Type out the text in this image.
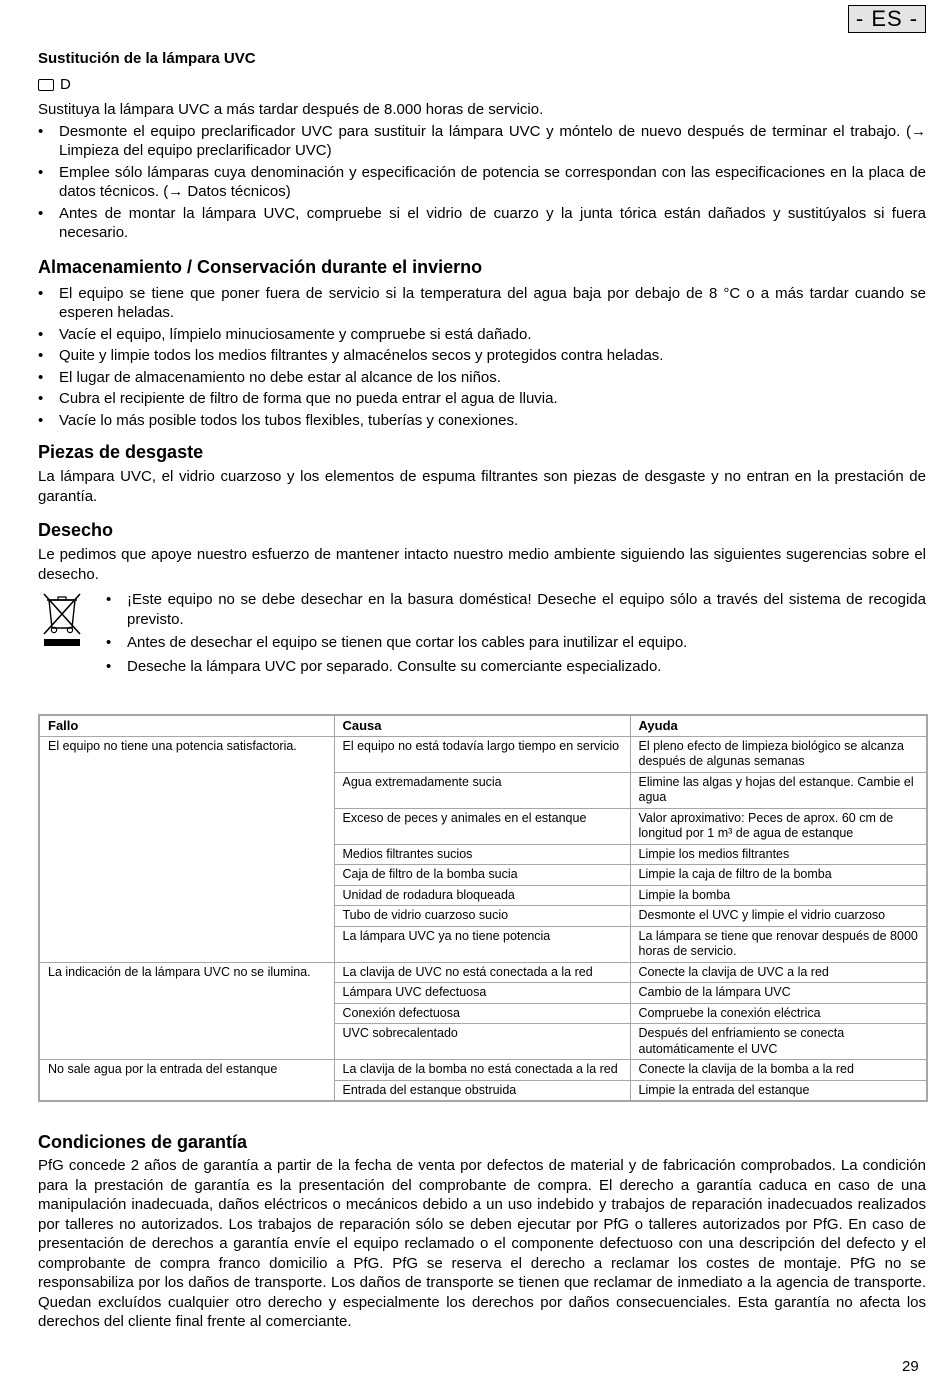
- ES -
Sustitución de la lámpara UVC
D

Sustituya la lámpara UVC a más tardar después de 8.000 horas de servicio.

• Desmonte el equipo preclarificador UVC para sustituir la lámpara UVC y móntelo de nuevo después de terminar el trabajo. (→ Limpieza del equipo preclarificador UVC)
• Emplee sólo lámparas cuya denominación y especificación de potencia se correspondan con las especificaciones en la placa de datos técnicos. (→ Datos técnicos)
• Antes de montar la lámpara UVC, compruebe si el vidrio de cuarzo y la junta tórica están dañados y sustitúyalos si fuera necesario.
Almacenamiento / Conservación durante el invierno
• El equipo se tiene que poner fuera de servicio si la temperatura del agua baja por debajo de 8 °C o a más tardar cuando se esperen heladas.
• Vacíe el equipo, límpielo minuciosamente y compruebe si está dañado.
• Quite y limpie todos los medios filtrantes y almacénelos secos y protegidos contra heladas.
• El lugar de almacenamiento no debe estar al alcance de los niños.
• Cubra el recipiente de filtro de forma que no pueda entrar el agua de lluvia.
• Vacíe lo más posible todos los tubos flexibles, tuberías y conexiones.
Piezas de desgaste

La lámpara UVC, el vidrio cuarzoso y los elementos de espuma filtrantes son piezas de desgaste y no entran en la prestación de garantía.

Desecho

Le pedimos que apoye nuestro esfuerzo de mantener intacto nuestro medio ambiente siguiendo las siguientes sugerencias sobre el desecho.

• ¡Este equipo no se debe desechar en la basura doméstica! Deseche el equipo sólo a través del sistema de recogida previsto.
• Antes de desechar el equipo se tienen que cortar los cables para inutilizar el equipo.
• Deseche la lámpara UVC por separado. Consulte su comerciante especializado.
Fallo	Causa	Ayuda
El equipo no tiene una potencia satisfactoria.	El equipo no está todavía largo tiempo en servicio	El pleno efecto de limpieza biológico se alcanza después de algunas semanas
	Agua extremadamente sucia	Elimine las algas y hojas del estanque. Cambie el agua
	Exceso de peces y animales en el estanque	Valor aproximativo: Peces de aprox. 60 cm de longitud por 1 m³ de agua de estanque
	Medios filtrantes sucios	Limpie los medios filtrantes
	Caja de filtro de la bomba sucia	Limpie la caja de filtro de la bomba
	Unidad de rodadura bloqueada	Limpie la bomba
	Tubo de vidrio cuarzoso sucio	Desmonte el UVC y limpie el vidrio cuarzoso
	La lámpara UVC ya no tiene potencia	La lámpara se tiene que renovar después de 8000 horas de servicio.
La indicación de la lámpara UVC no se ilumina.	La clavija de UVC no está conectada a la red	Conecte la clavija de UVC a la red
	Lámpara UVC defectuosa	Cambio de la lámpara UVC
	Conexión defectuosa	Compruebe la conexión eléctrica
	UVC sobrecalentado	Después del enfriamiento se conecta automáticamente el UVC
No sale agua por la entrada del estanque	La clavija de la bomba no está conectada a la red	Conecte la clavija de la bomba a la red
	Entrada del estanque obstruida	Limpie la entrada del estanque
Condiciones de garantía

PfG concede 2 años de garantía a partir de la fecha de venta por defectos de material y de fabricación comprobados. La condición para la prestación de garantía es la presentación del comprobante de compra. El derecho a garantía caduca en caso de una manipulación inadecuada, daños eléctricos o mecánicos debido a un uso indebido y trabajos de reparación inadecuados realizados por talleres no autorizados. Los trabajos de reparación sólo se deben ejecutar por PfG o talleres autorizados por PfG. En caso de presentación de derechos a garantía envíe el equipo reclamado o el componente defectuoso con una descripción del defecto y el comprobante de compra franco domicilio a PfG. PfG se reserva el derecho a reclamar los costes de montaje. PfG no se responsabiliza por los daños de transporte. Los daños de transporte se tienen que reclamar de inmediato a la agencia de transporte. Quedan excluídos cualquier otro derecho y especialmente los derechos por daños consecuenciales. Esta garantía no afecta los derechos del cliente final frente al comerciante.

29
